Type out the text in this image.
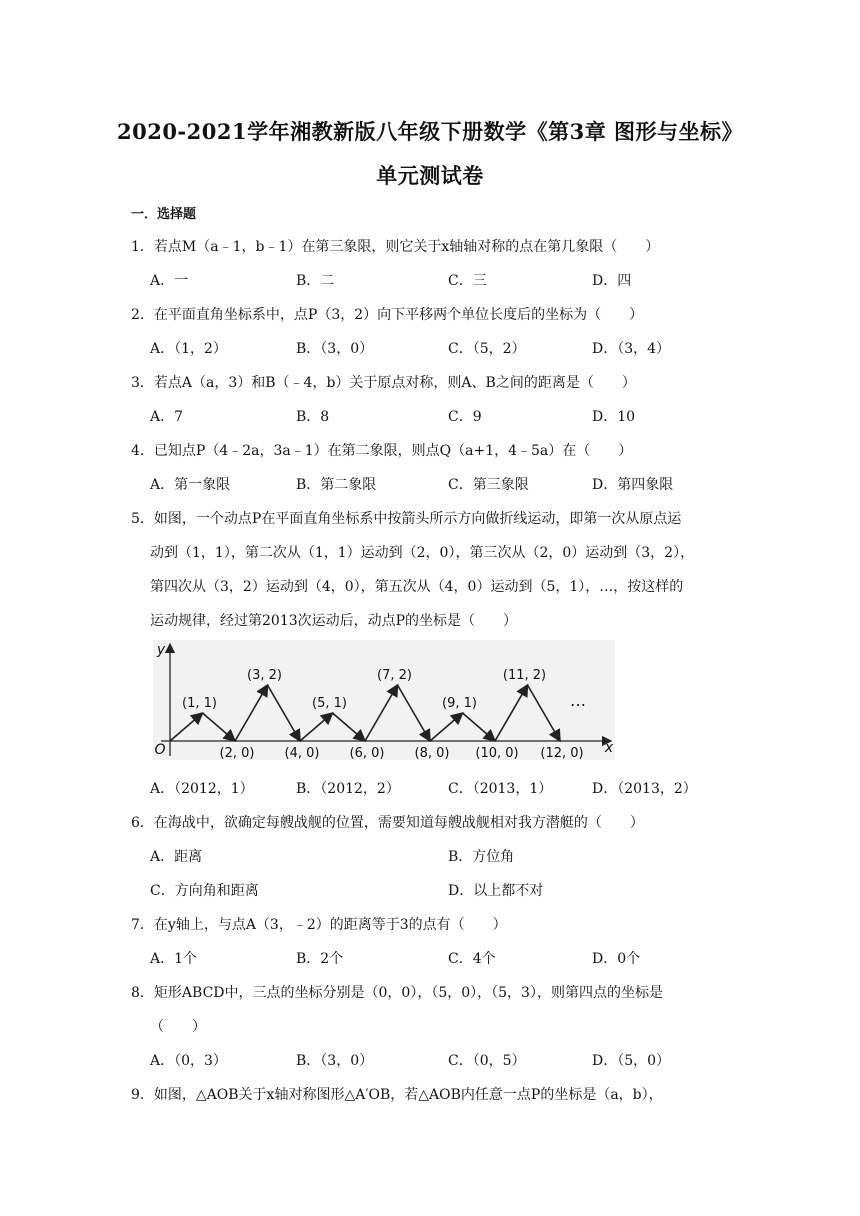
2020-2021学年湘教新版八年级下册数学《第3章 图形与坐标》
单元测试卷
一．选择题
1．若点M（a﹣1，b﹣1）在第三象限，则它关于x轴轴对称的点在第几象限（　　）
A．一	B．二	C．三	D．四
2．在平面直角坐标系中，点P（3，2）向下平移两个单位长度后的坐标为（　　）
A．（1，2）	B．（3，0）	C．（5，2）	D．（3，4）
3．若点A（a，3）和B（﹣4，b）关于原点对称，则A、B之间的距离是（　　）
A．7	B．8	C．9	D．10
4．已知点P（4﹣2a，3a﹣1）在第二象限，则点Q（a+1，4﹣5a）在（　　）
A．第一象限	B．第二象限	C．第三象限	D．第四象限
5．如图，一个动点P在平面直角坐标系中按箭头所示方向做折线运动，即第一次从原点运
动到（1，1），第二次从（1，1）运动到（2，0），第三次从（2，0）运动到（3，2），
第四次从（3，2）运动到（4，0），第五次从（4，0）运动到（5，1），…，按这样的
运动规律，经过第2013次运动后，动点P的坐标是（　　）
x
y
O
(1, 1)
(2, 0)
(3, 2)
(4, 0)
(5, 1)
(6, 0)
(7, 2)
(8, 0)
(9, 1)
(10, 0)
(11, 2)
(12, 0)
…
A．（2012，1）	B．（2012，2）	C．（2013，1）	D．（2013，2）
6．在海战中，欲确定每艘战舰的位置，需要知道每艘战舰相对我方潜艇的（　　）
A．距离	B．方位角
C．方向角和距离	D．以上都不对
7．在y轴上，与点A（3，﹣2）的距离等于3的点有（　　）
A．1个	B．2个	C．4个	D．0个
8．矩形ABCD中，三点的坐标分别是（0，0），（5，0），（5，3），则第四点的坐标是
（　　）
A．（0，3）	B．（3，0）	C．（0，5）	D．（5，0）
9．如图，△AOB关于x轴对称图形△A′OB，若△AOB内任意一点P的坐标是（a，b），
